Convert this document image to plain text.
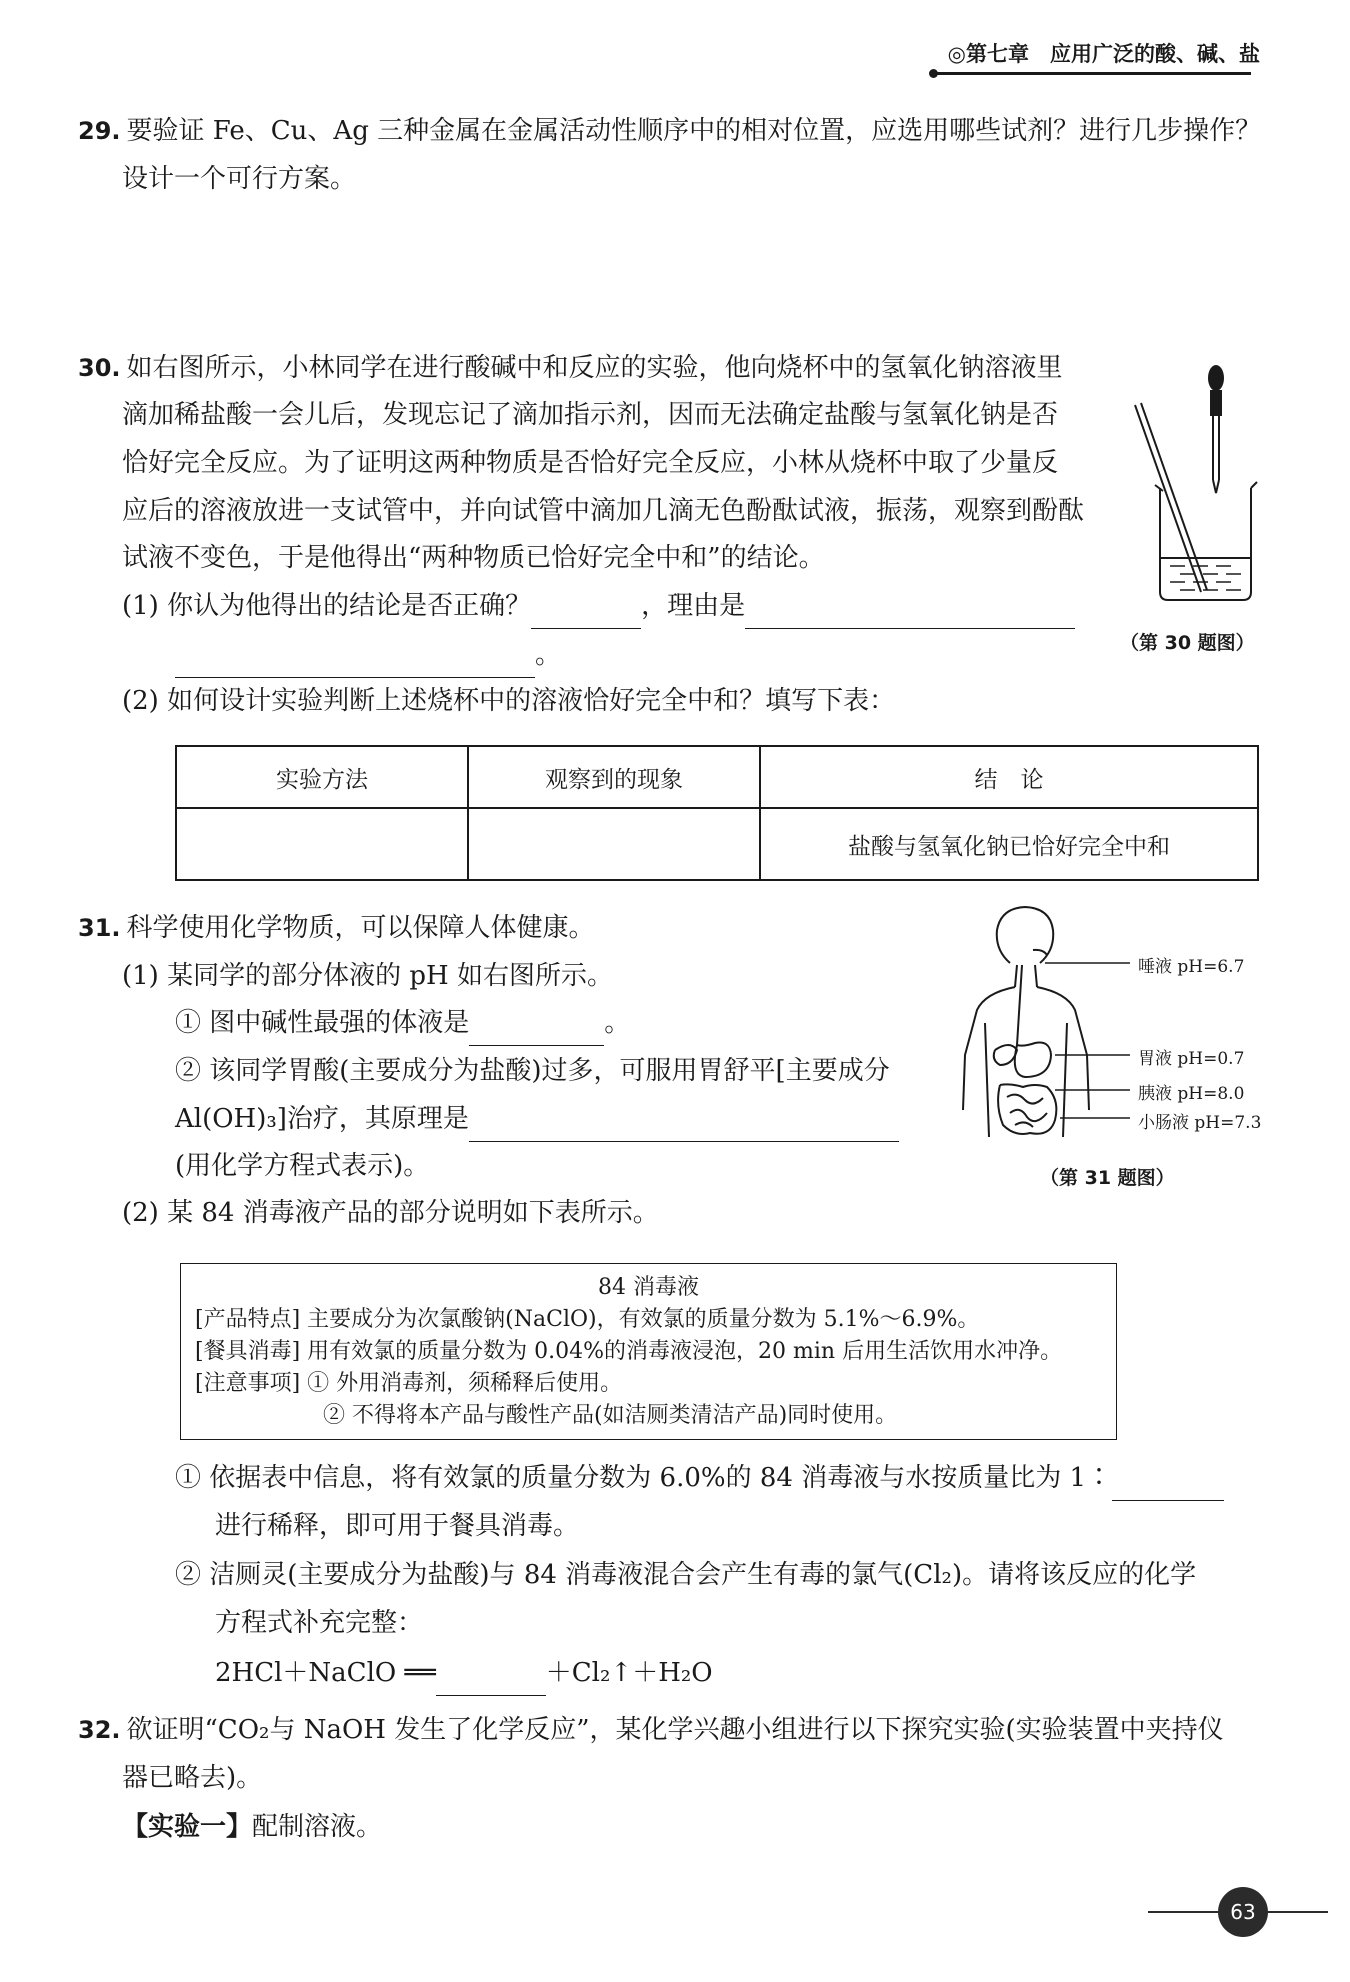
◎第七章　应用广泛的酸、碱、盐
29. 要验证 Fe、Cu、Ag 三种金属在金属活动性顺序中的相对位置，应选用哪些试剂？进行几步操作？
设计一个可行方案。
30. 如右图所示，小林同学在进行酸碱中和反应的实验，他向烧杯中的氢氧化钠溶液里
滴加稀盐酸一会儿后，发现忘记了滴加指示剂，因而无法确定盐酸与氢氧化钠是否
恰好完全反应。为了证明这两种物质是否恰好完全反应，小林从烧杯中取了少量反
应后的溶液放进一支试管中，并向试管中滴加几滴无色酚酞试液，振荡，观察到酚酞
试液不变色，于是他得出“两种物质已恰好完全中和”的结论。
(1) 你认为他得出的结论是否正确？	，理由是
。
(2) 如何设计实验判断上述烧杯中的溶液恰好完全中和？填写下表：
（第 30 题图）
实验方法	观察到的现象	结　论
		盐酸与氢氧化钠已恰好完全中和
31. 科学使用化学物质，可以保障人体健康。
(1) 某同学的部分体液的 pH 如右图所示。
① 图中碱性最强的体液是	。
② 该同学胃酸(主要成分为盐酸)过多，可服用胃舒平[主要成分
Al(OH)₃]治疗，其原理是
(用化学方程式表示)。
(2) 某 84 消毒液产品的部分说明如下表所示。
唾液 pH=6.7
胃液 pH=0.7
胰液 pH=8.0
小肠液 pH=7.3
（第 31 题图）
84 消毒液
[产品特点] 主要成分为次氯酸钠(NaClO)，有效氯的质量分数为 5.1%～6.9%。
[餐具消毒] 用有效氯的质量分数为 0.04%的消毒液浸泡，20 min 后用生活饮用水冲净。
[注意事项] ① 外用消毒剂，须稀释后使用。
② 不得将本产品与酸性产品(如洁厕类清洁产品)同时使用。
① 依据表中信息，将有效氯的质量分数为 6.0%的 84 消毒液与水按质量比为 1∶
进行稀释，即可用于餐具消毒。
② 洁厕灵(主要成分为盐酸)与 84 消毒液混合会产生有毒的氯气(Cl₂)。请将该反应的化学
方程式补充完整：
2HCl＋NaClO ══	＋Cl₂↑＋H₂O
32. 欲证明“CO₂与 NaOH 发生了化学反应”，某化学兴趣小组进行以下探究实验(实验装置中夹持仪
器已略去)。
【实验一】配制溶液。
63
